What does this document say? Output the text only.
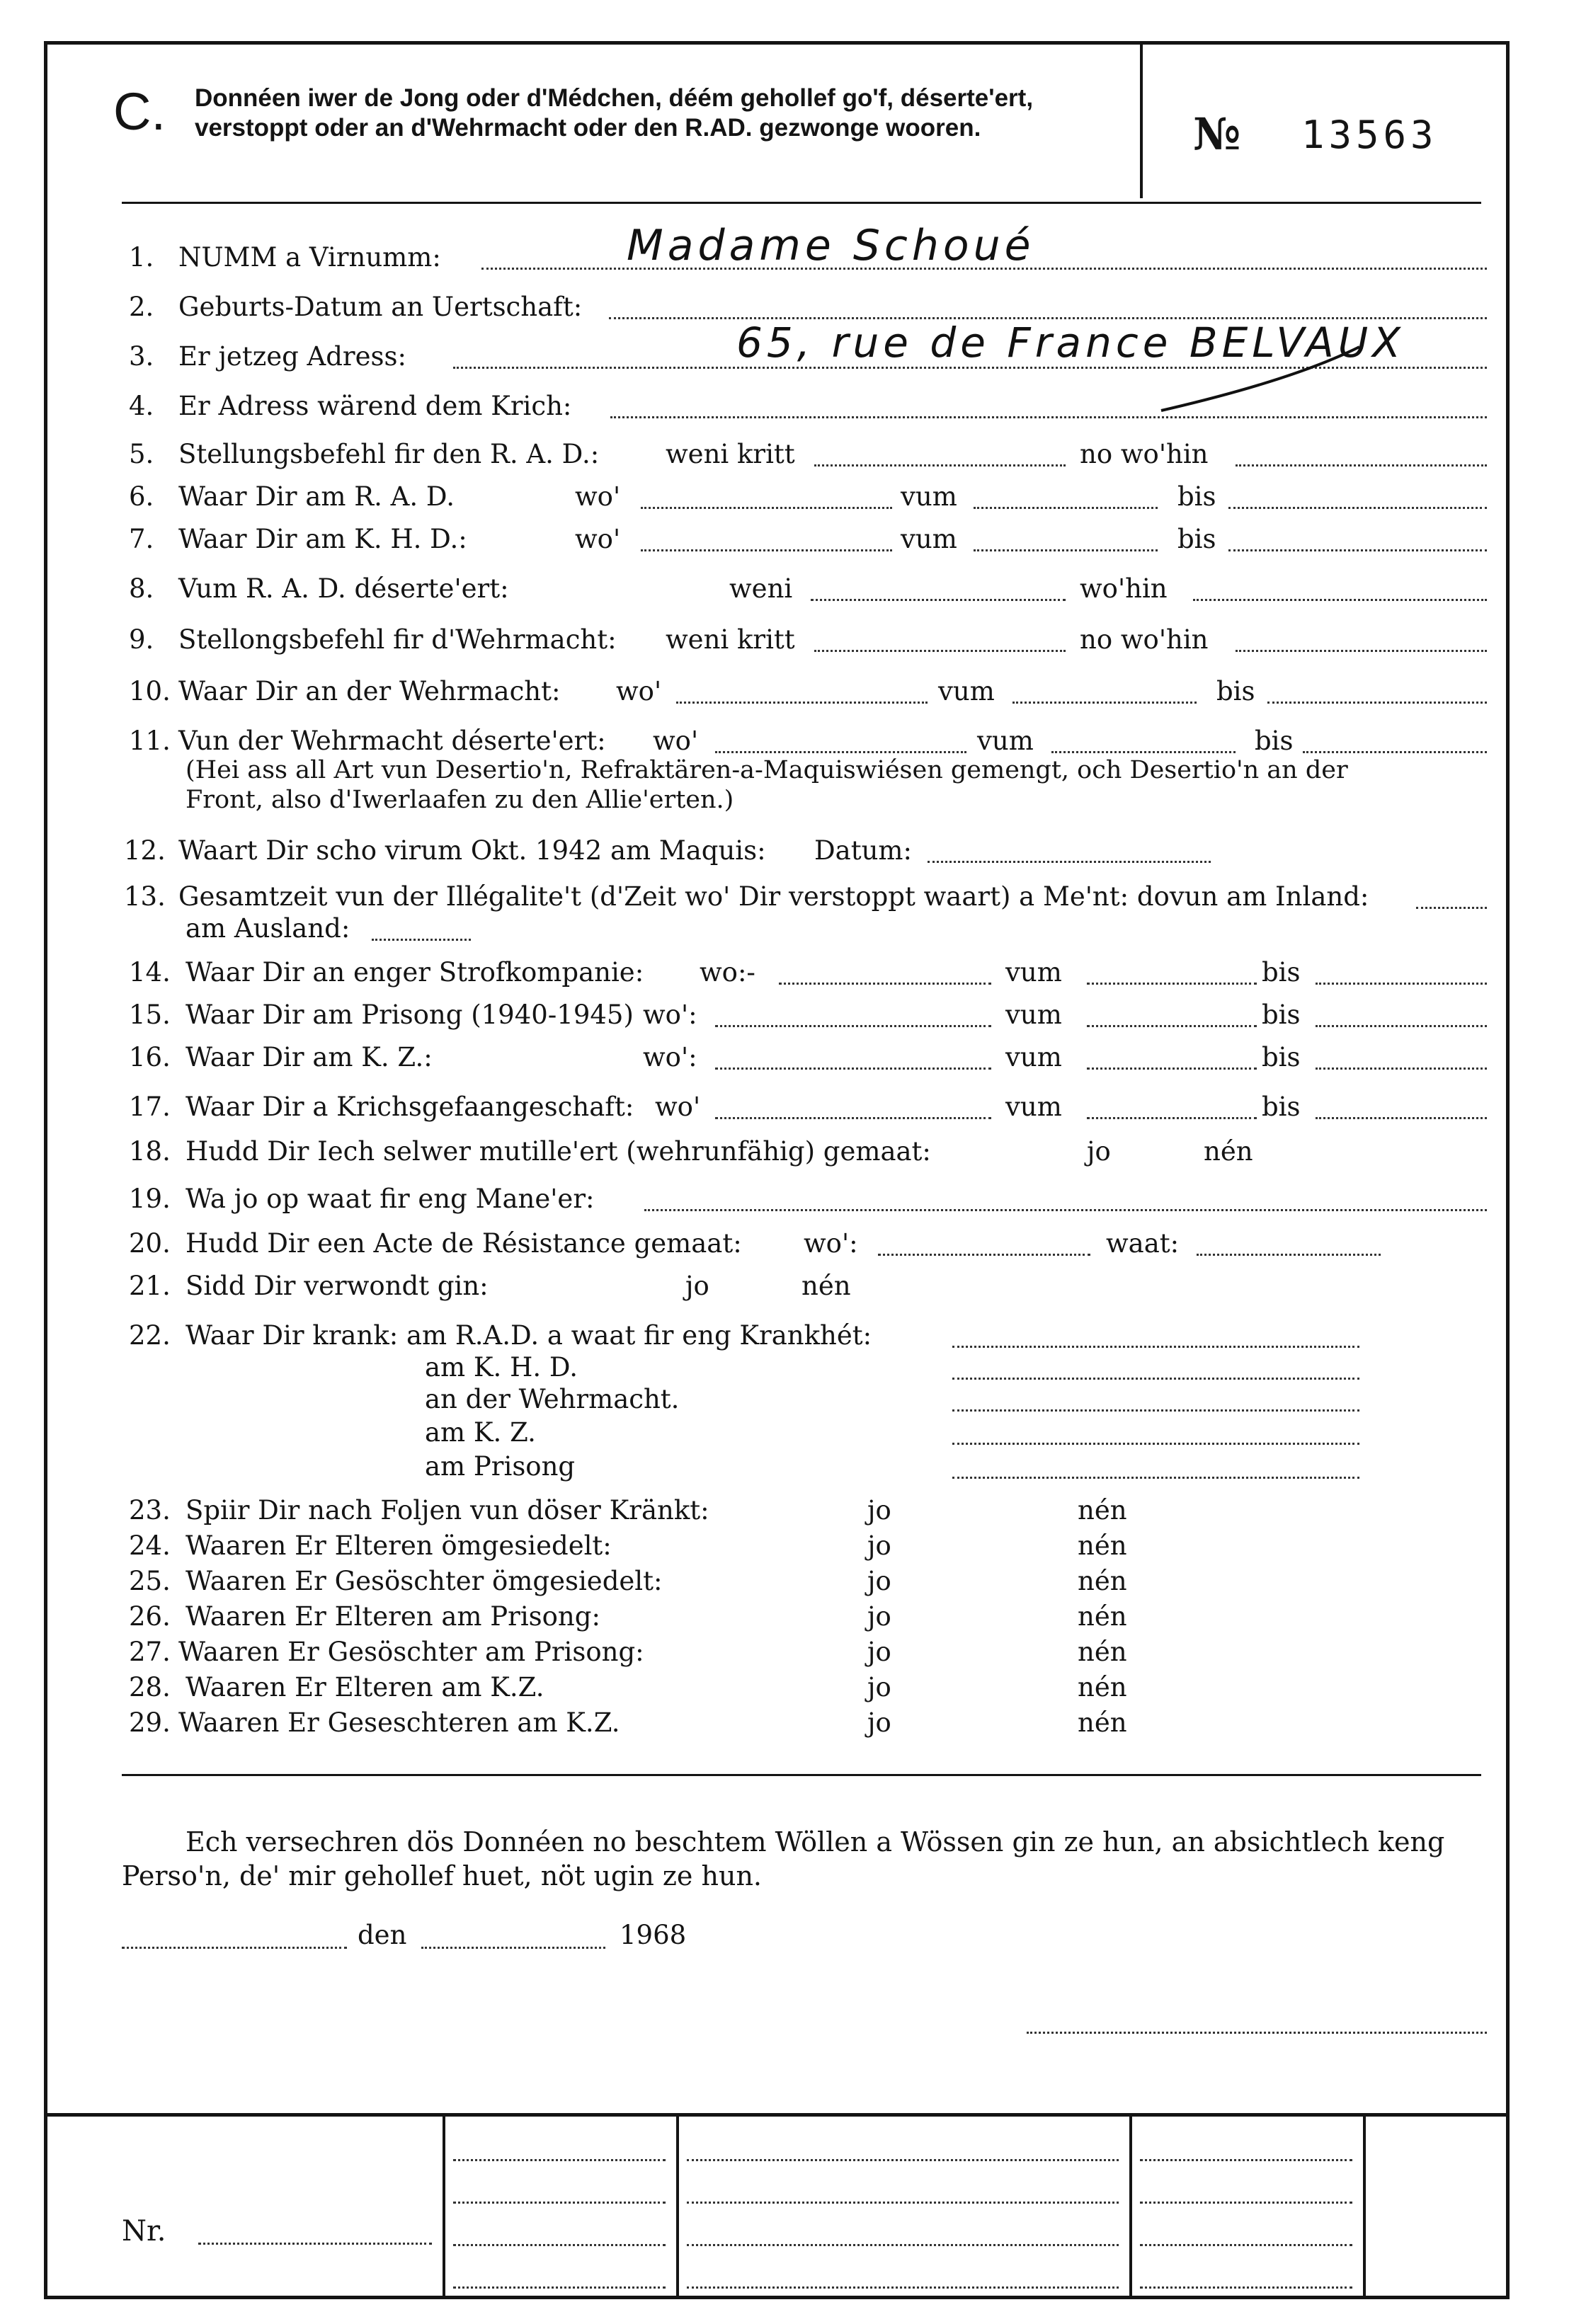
C. Donnéen iwer de Jong oder d'Médchen, déém gehollef go'f, déserte'ert, verstoppt oder an d'Wehrmacht oder den R.AD. gezwonge wooren.	№ 13563
1. NUMM a Virnumm:	Madame Schoué
2. Geburts-Datum an Uertschaft:
3. Er jetzeg Adress:	65, rue de France BELVAUX
4. Er Adress wärend dem Krich:
5. Stellungsbefehl fir den R. A. D.:	weni kritt	no wo'hin
6. Waar Dir am R. A. D.	wo'	vum	bis
7. Waar Dir am K. H. D.:	wo'	vum	bis
8. Vum R. A. D. déserte'ert:	weni	wo'hin
9. Stellongsbefehl fir d'Wehrmacht: weni kritt	no wo'hin
10. Waar Dir an der Wehrmacht: wo'	vum	bis
11. Vun der Wehrmacht déserte'ert: wo'	vum	bis
(Hei ass all Art vun Desertio'n, Refraktären-a-Maquiswiésen gemengt, och Desertio'n an der
Front, also d'Iwerlaafen zu den Allie'erten.)
12. Waart Dir scho virum Okt. 1942 am Maquis: Datum:
13. Gesamtzeit vun der Illégalite't (d'Zeit wo' Dir verstoppt waart) a Me'nt: dovun am Inland:
am Ausland:
14. Waar Dir an enger Strofkompanie: wo:-	vum	bis
15. Waar Dir am Prisong (1940-1945) wo':	vum	bis
16. Waar Dir am K. Z.:	wo':	vum	bis
17. Waar Dir a Krichsgefaangeschaft: wo'	vum	bis
18. Hudd Dir Iech selwer mutille'ert (wehrunfähig) gemaat:	jo	nén
19. Wa jo op waat fir eng Mane'er:
20. Hudd Dir een Acte de Résistance gemaat: wo':	waat:
21. Sidd Dir verwondt gin:	jo	nén
22. Waar Dir krank: am R.A.D. a waat fir eng Krankhét:
am K. H. D.
an der Wehrmacht.
am K. Z.
am Prisong
23. Spiir Dir nach Foljen vun döser Kränkt:	jo	nén
24. Waaren Er Elteren ömgesiedelt:	jo	nén
25. Waaren Er Gesöschter ömgesiedelt:	jo	nén
26. Waaren Er Elteren am Prisong:	jo	nén
27. Waaren Er Gesöschter am Prisong:	jo	nén
28. Waaren Er Elteren am K.Z.	jo	nén
29. Waaren Er Geseschteren am K.Z.	jo	nén
Ech versechren dös Donnéen no beschtem Wöllen a Wössen gin ze hun, an absichtlech keng
Perso'n, de' mir gehollef huet, nöt ugin ze hun.
den	1968
Nr.
